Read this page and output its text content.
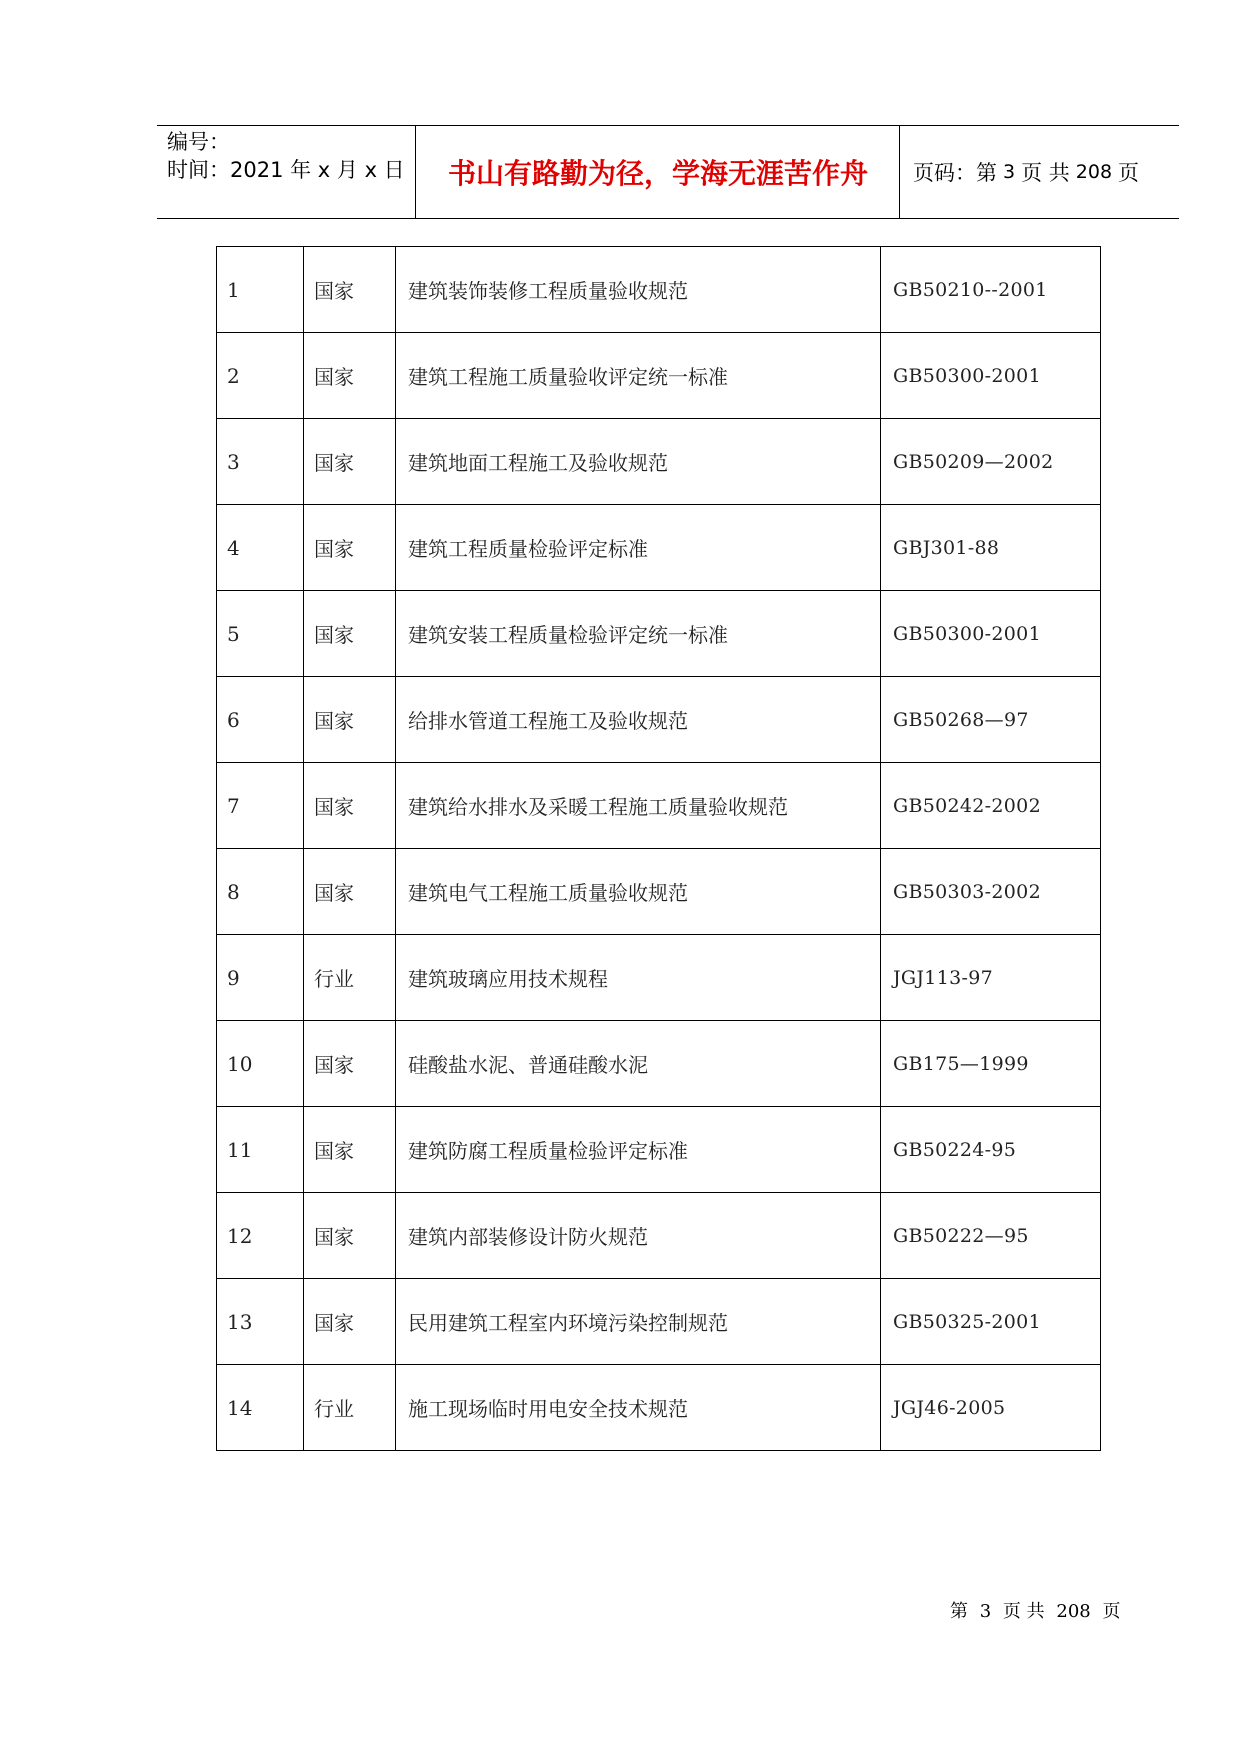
编号：
时间：2021 年 x 月 x 日	书山有路勤为径，学海无涯苦作舟	页码：第 3 页 共 208 页
1	国家	建筑装饰装修工程质量验收规范	GB50210--2001
2	国家	建筑工程施工质量验收评定统一标准	GB50300-2001
3	国家	建筑地面工程施工及验收规范	GB50209—2002
4	国家	建筑工程质量检验评定标准	GBJ301-88
5	国家	建筑安装工程质量检验评定统一标准	GB50300-2001
6	国家	给排水管道工程施工及验收规范	GB50268—97
7	国家	建筑给水排水及采暖工程施工质量验收规范	GB50242-2002
8	国家	建筑电气工程施工质量验收规范	GB50303-2002
9	行业	建筑玻璃应用技术规程	JGJ113-97
10	国家	硅酸盐水泥、普通硅酸水泥	GB175—1999
11	国家	建筑防腐工程质量检验评定标准	GB50224-95
12	国家	建筑内部装修设计防火规范	GB50222—95
13	国家	民用建筑工程室内环境污染控制规范	GB50325-2001
14	行业	施工现场临时用电安全技术规范	JGJ46-2005
第 3 页 共 208 页
